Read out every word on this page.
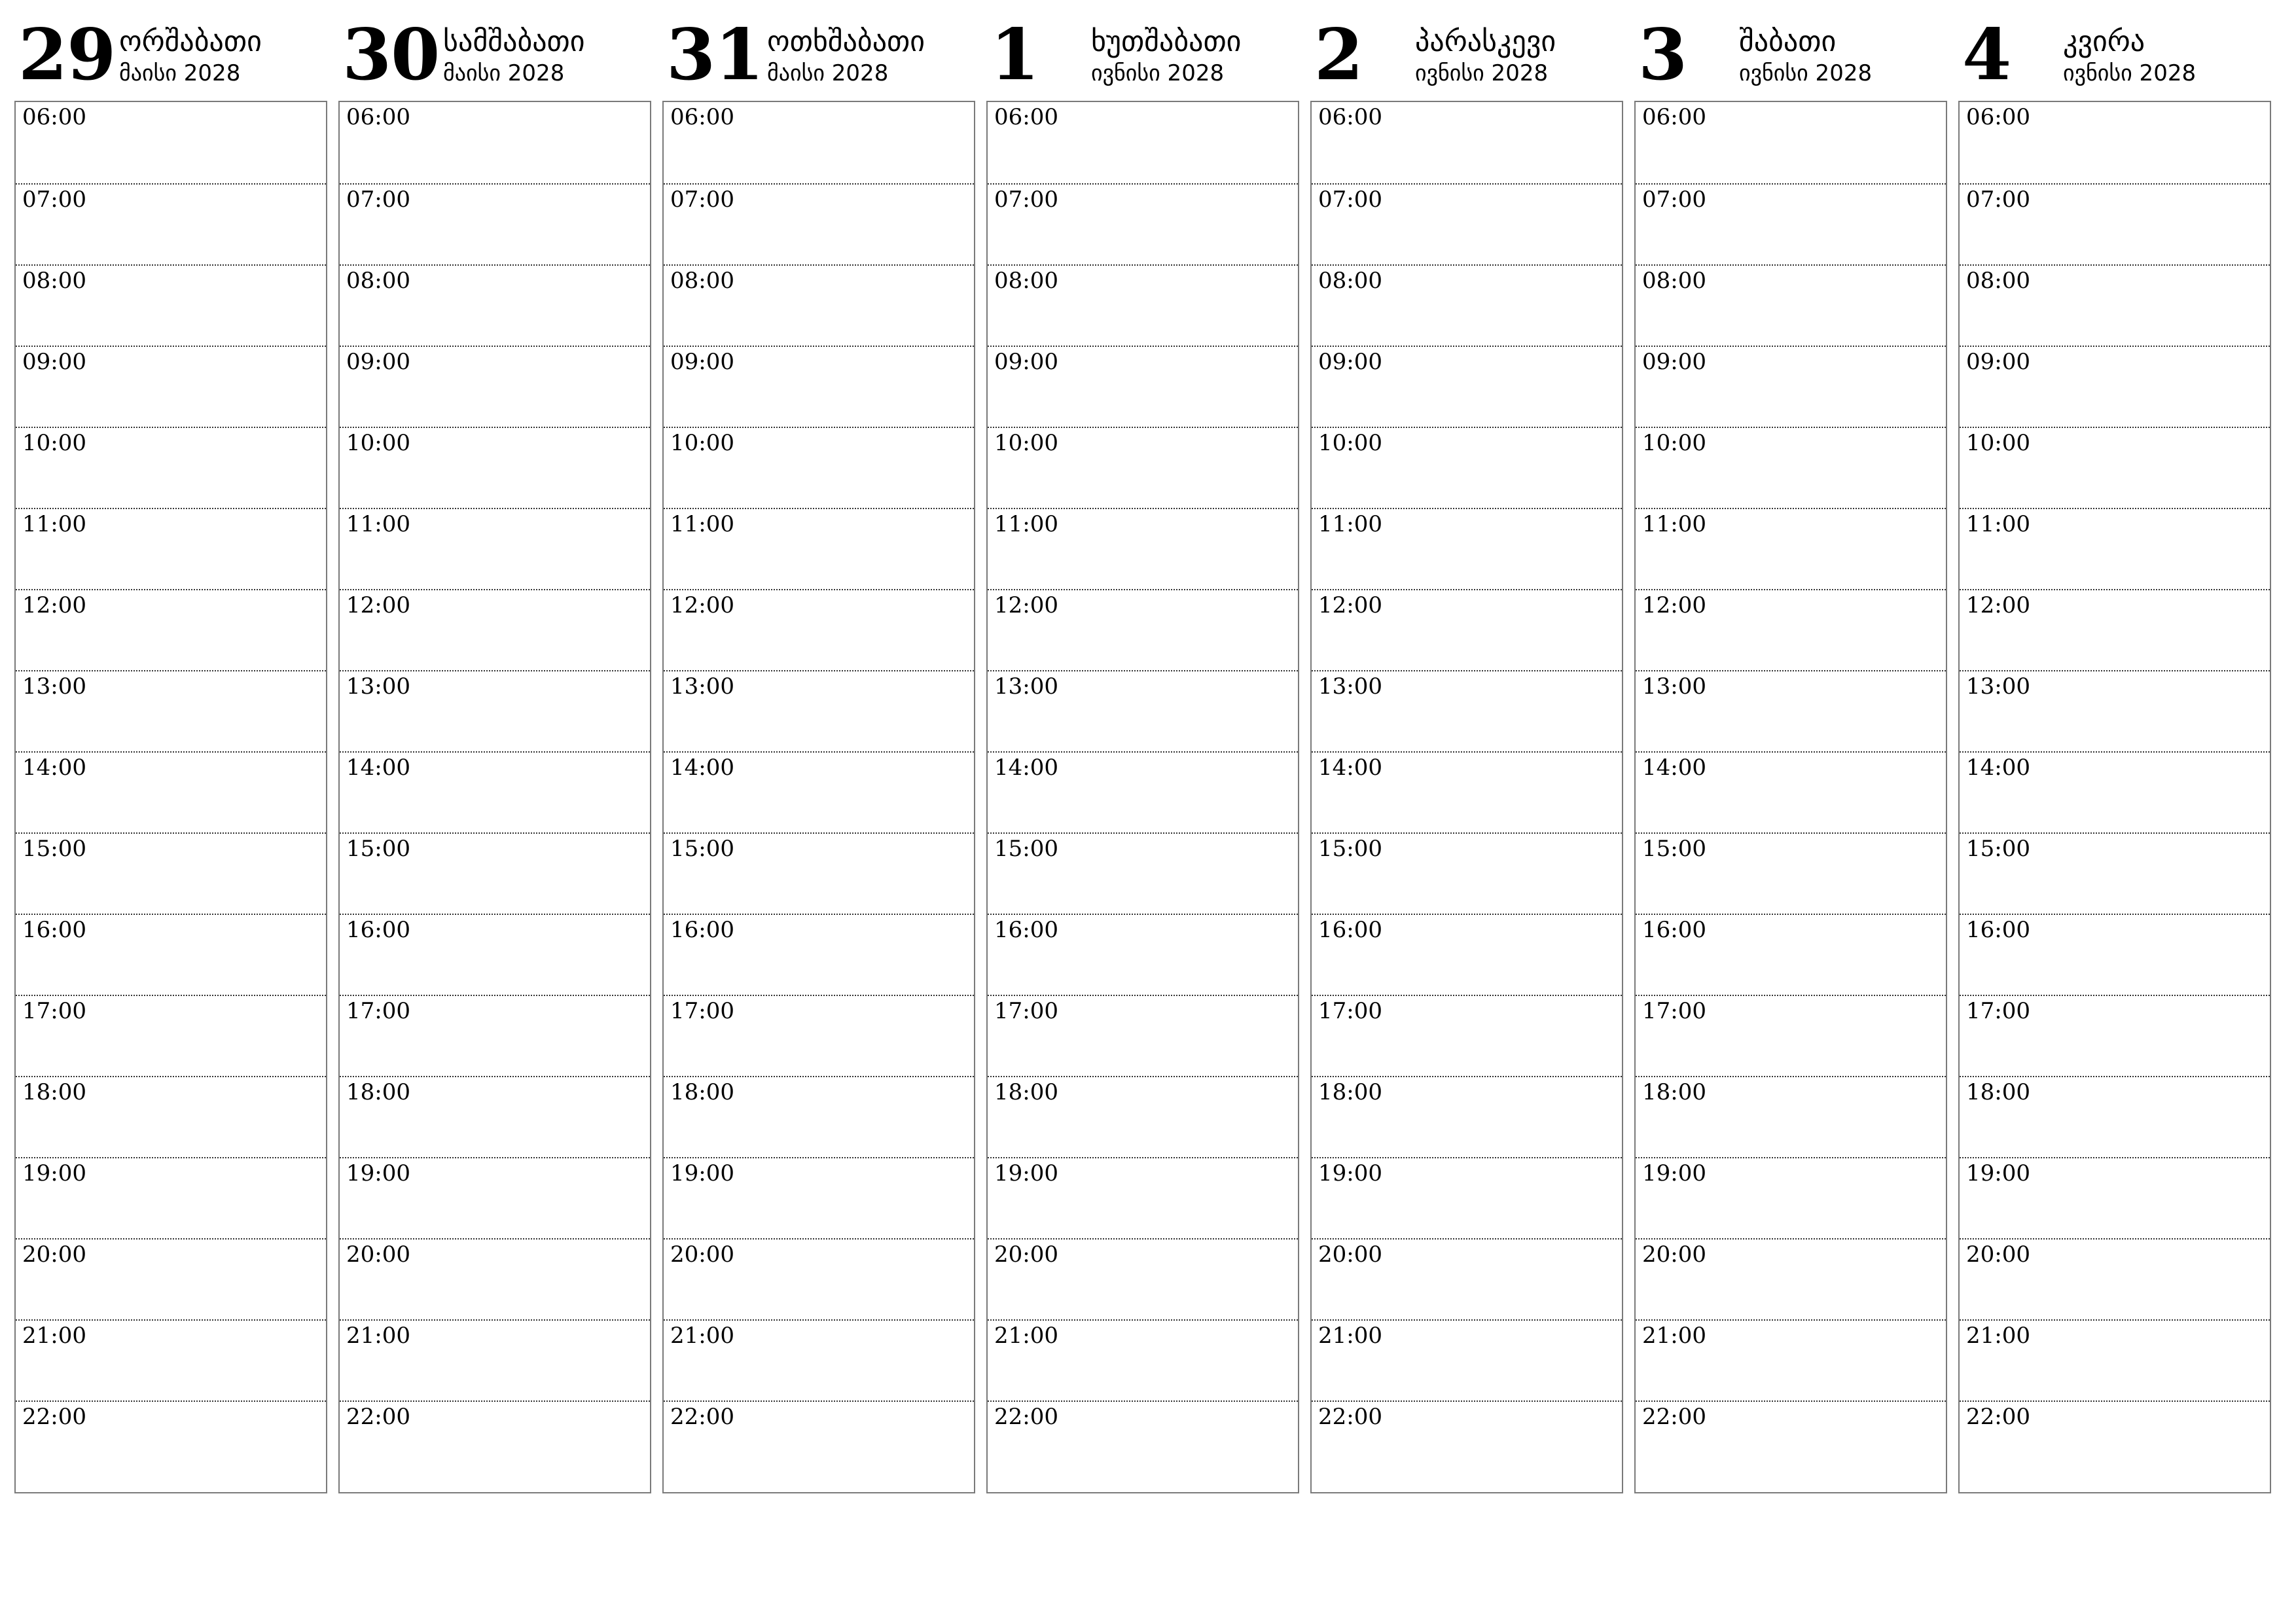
29 ორშაბათი
მაისი 2028
06:00
07:00
08:00
09:00
10:00
11:00
12:00
13:00
14:00
15:00
16:00
17:00
18:00
19:00
20:00
21:00
22:00
30 სამშაბათი
მაისი 2028
06:00
07:00
08:00
09:00
10:00
11:00
12:00
13:00
14:00
15:00
16:00
17:00
18:00
19:00
20:00
21:00
22:00
31 ოთხშაბათი
მაისი 2028
06:00
07:00
08:00
09:00
10:00
11:00
12:00
13:00
14:00
15:00
16:00
17:00
18:00
19:00
20:00
21:00
22:00
1 ხუთშაბათი
ივნისი 2028
06:00
07:00
08:00
09:00
10:00
11:00
12:00
13:00
14:00
15:00
16:00
17:00
18:00
19:00
20:00
21:00
22:00
2 პარასკევი
ივნისი 2028
06:00
07:00
08:00
09:00
10:00
11:00
12:00
13:00
14:00
15:00
16:00
17:00
18:00
19:00
20:00
21:00
22:00
3 შაბათი
ივნისი 2028
06:00
07:00
08:00
09:00
10:00
11:00
12:00
13:00
14:00
15:00
16:00
17:00
18:00
19:00
20:00
21:00
22:00
4 კვირა
ივნისი 2028
06:00
07:00
08:00
09:00
10:00
11:00
12:00
13:00
14:00
15:00
16:00
17:00
18:00
19:00
20:00
21:00
22:00
